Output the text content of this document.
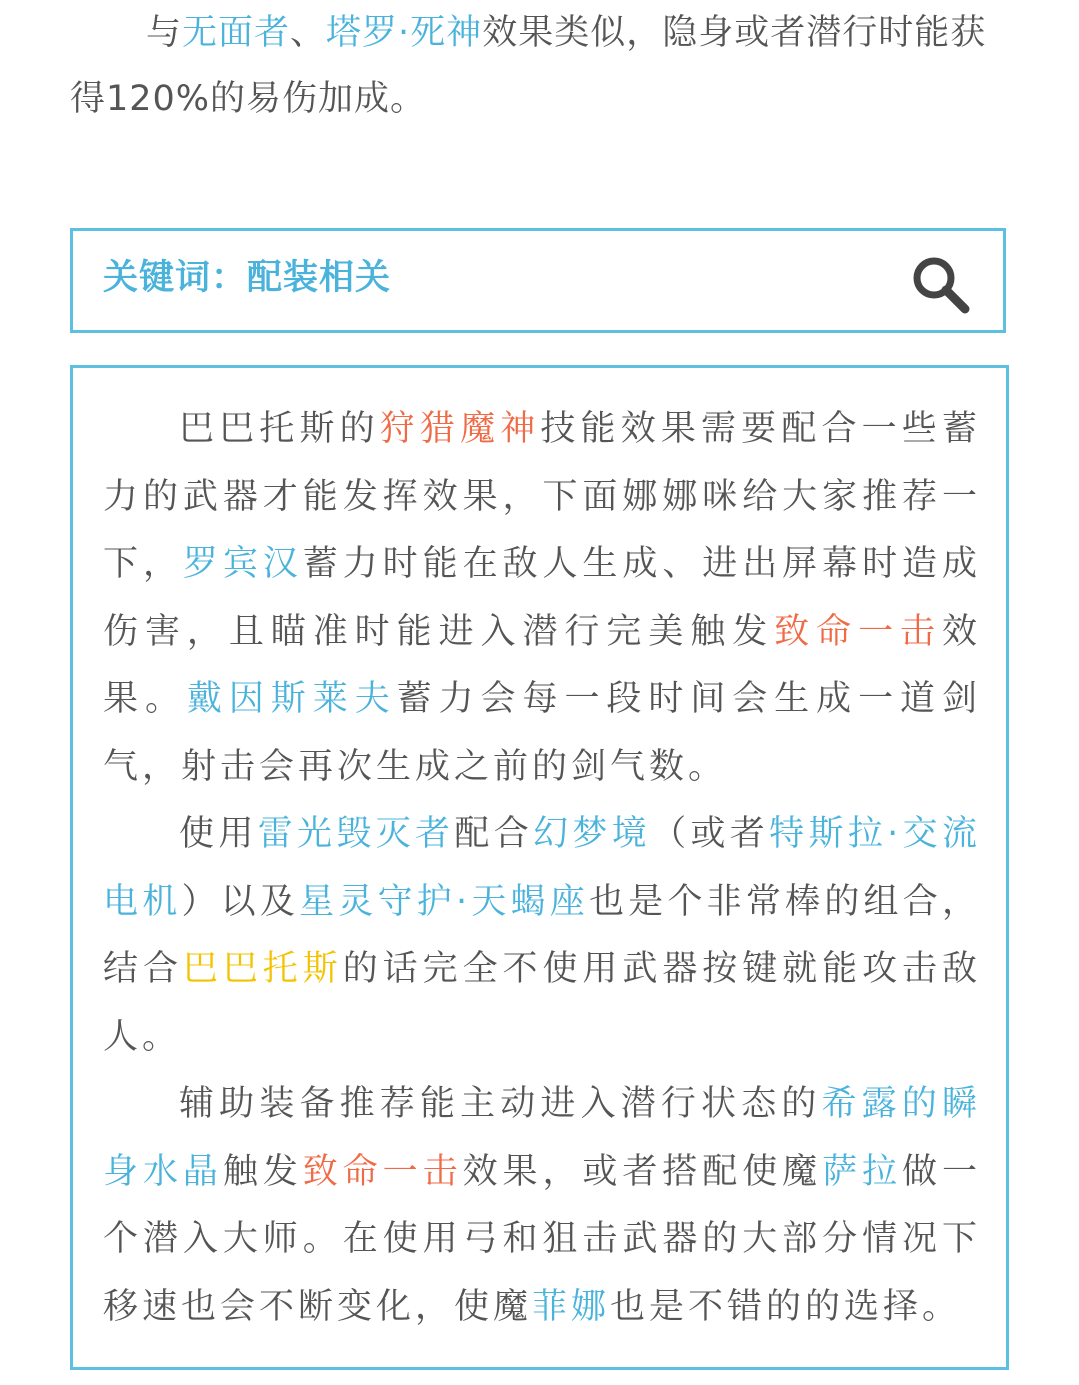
与无面者、塔罗·死神效果类似，隐身或者潜行时能获得120%的易伤加成。

关键词：配装相关

巴巴托斯的狩猎魔神技能效果需要配合一些蓄力的武器才能发挥效果，下面娜娜咪给大家推荐一下，罗宾汉蓄力时能在敌人生成、进出屏幕时造成伤害，且瞄准时能进入潜行完美触发致命一击效果。戴因斯莱夫蓄力会每一段时间会生成一道剑气，射击会再次生成之前的剑气数。

使用雷光毁灭者配合幻梦境（或者特斯拉·交流电机）以及星灵守护·天蝎座也是个非常棒的组合，结合巴巴托斯的话完全不使用武器按键就能攻击敌人。

辅助装备推荐能主动进入潜行状态的希露的瞬身水晶触发致命一击效果，或者搭配使魔萨拉做一个潜入大师。在使用弓和狙击武器的大部分情况下移速也会不断变化，使魔菲娜也是不错的的选择。
